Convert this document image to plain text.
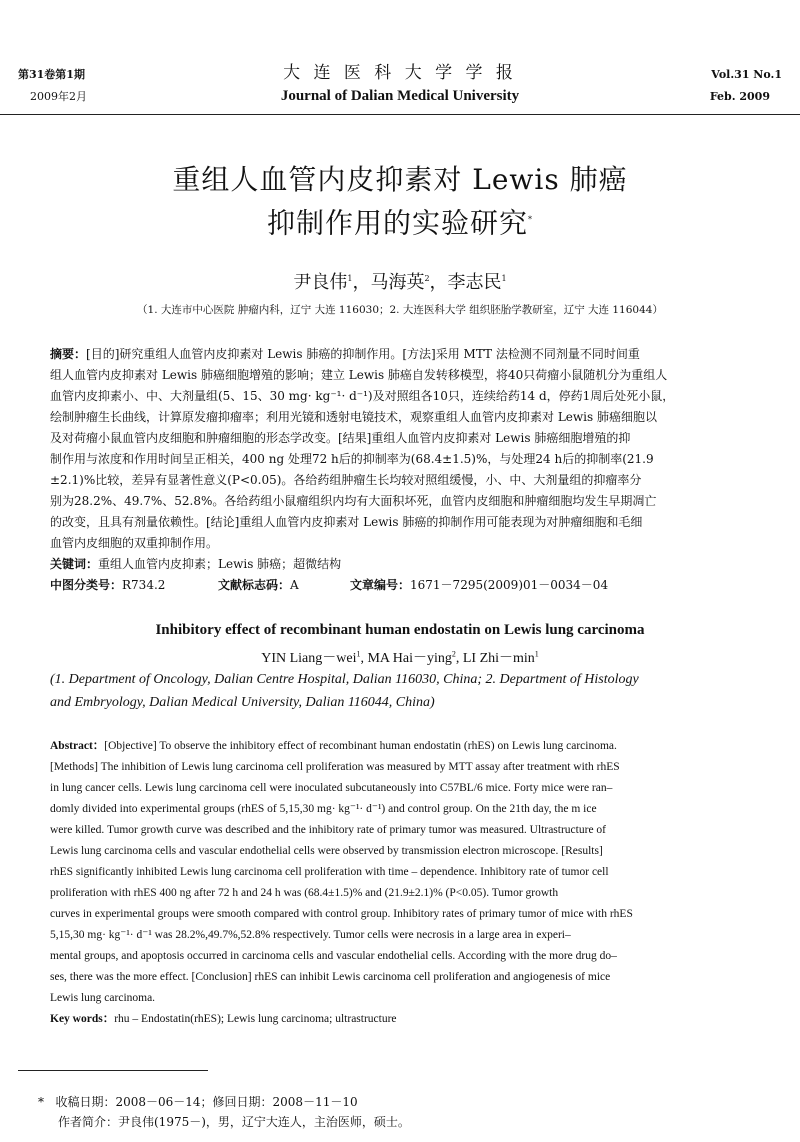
第31卷第1期
2009年2月
大 连 医 科 大 学 学 报
Journal of Dalian Medical University
Vol.31 No.1
Feb. 2009
重组人血管内皮抑素对 Lewis 肺癌
抑制作用的实验研究*
尹良伟$^1$，马海英$^2$，李志民$^1$
（1. 大连市中心医院 肿瘤内科，辽宁 大连 116030；2. 大连医科大学 组织胚胎学教研室，辽宁 大连 116044）
摘要：[目的]研究重组人血管内皮抑素对 Lewis 肺癌的抑制作用。[方法]采用 MTT 法检测不同剂量不同时间重
组人血管内皮抑素对 Lewis 肺癌细胞增殖的影响；建立 Lewis 肺癌自发转移模型，将40只荷瘤小鼠随机分为重组人
血管内皮抑素小、中、大剂量组(5、15、30 mg· kg⁻¹· d⁻¹)及对照组各10只，连续给药14 d，停药1周后处死小鼠，
绘制肿瘤生长曲线，计算原发瘤抑瘤率；利用光镜和透射电镜技术，观察重组人血管内皮抑素对 Lewis 肺癌细胞以
及对荷瘤小鼠血管内皮细胞和肿瘤细胞的形态学改变。[结果]重组人血管内皮抑素对 Lewis 肺癌细胞增殖的抑
制作用与浓度和作用时间呈正相关，400 ng 处理72 h后的抑制率为(68.4±1.5)%，与处理24 h后的抑制率(21.9
±2.1)%比较，差异有显著性意义(P<0.05)。各给药组肿瘤生长均较对照组缓慢，小、中、大剂量组的抑瘤率分
别为28.2%、49.7%、52.8%。各给药组小鼠瘤组织内均有大面积坏死，血管内皮细胞和肿瘤细胞均发生早期凋亡
的改变，且具有剂量依赖性。[结论]重组人血管内皮抑素对 Lewis 肺癌的抑制作用可能表现为对肿瘤细胞和毛细
血管内皮细胞的双重抑制作用。
关键词：重组人血管内皮抑素；Lewis 肺癌；超微结构
中图分类号：R734.2	文献标志码：A	文章编号：1671－7295(2009)01－0034－04
Inhibitory effect of recombinant human endostatin on Lewis lung carcinoma
YIN Liang－wei$^1$, MA Hai－ying$^2$, LI $Zhi-\min^1$
(1. Department of Oncology, Dalian Centre Hospital, Dalian 116030, China; 2. Department of Histology
and Embryology, Dalian Medical University, Dalian 116044, China)
Abstract：[Objective] To observe the inhibitory effect of recombinant human endostatin (rhES) on Lewis lung carcinoma.
[Methods] The inhibition of Lewis lung carcinoma cell proliferation was measured by MTT assay after treatment with rhES
in lung cancer cells. Lewis lung carcinoma cell were inoculated subcutaneously into C57BL/6 mice. Forty mice were ran–
domly divided into experimental groups (rhES of 5,15,30 mg· kg⁻¹· d⁻¹) and control group. On the 21th day, the m ice
were killed. Tumor growth curve was described and the inhibitory rate of primary tumor was measured. Ultrastructure of
Lewis lung carcinoma cells and vascular endothelial cells were observed by transmission electron microscope. [Results]
rhES significantly inhibited Lewis lung carcinoma cell proliferation with time – dependence. Inhibitory rate of tumor cell
proliferation with rhES 400 ng after 72 h and 24 h was (68.4±1.5)% and (21.9±2.1)% (P<0.05). Tumor growth
curves in experimental groups were smooth compared with control group. Inhibitory rates of primary tumor of mice with rhES
5,15,30 mg· kg⁻¹· d⁻¹ was 28.2%,49.7%,52.8% respectively. Tumor cells were necrosis in a large area in experi–
mental groups, and apoptosis occurred in carcinoma cells and vascular endothelial cells. According with the more drug do–
ses, there was the more effect. [Conclusion] rhES can inhibit Lewis carcinoma cell proliferation and angiogenesis of mice
Lewis lung carcinoma.
Key words：rhu – Endostatin(rhES); Lewis lung carcinoma; ultrastructure
* 收稿日期：2008－06－14；修回日期：2008－11－10
作者简介：尹良伟(1975－)，男，辽宁大连人，主治医师，硕士。
